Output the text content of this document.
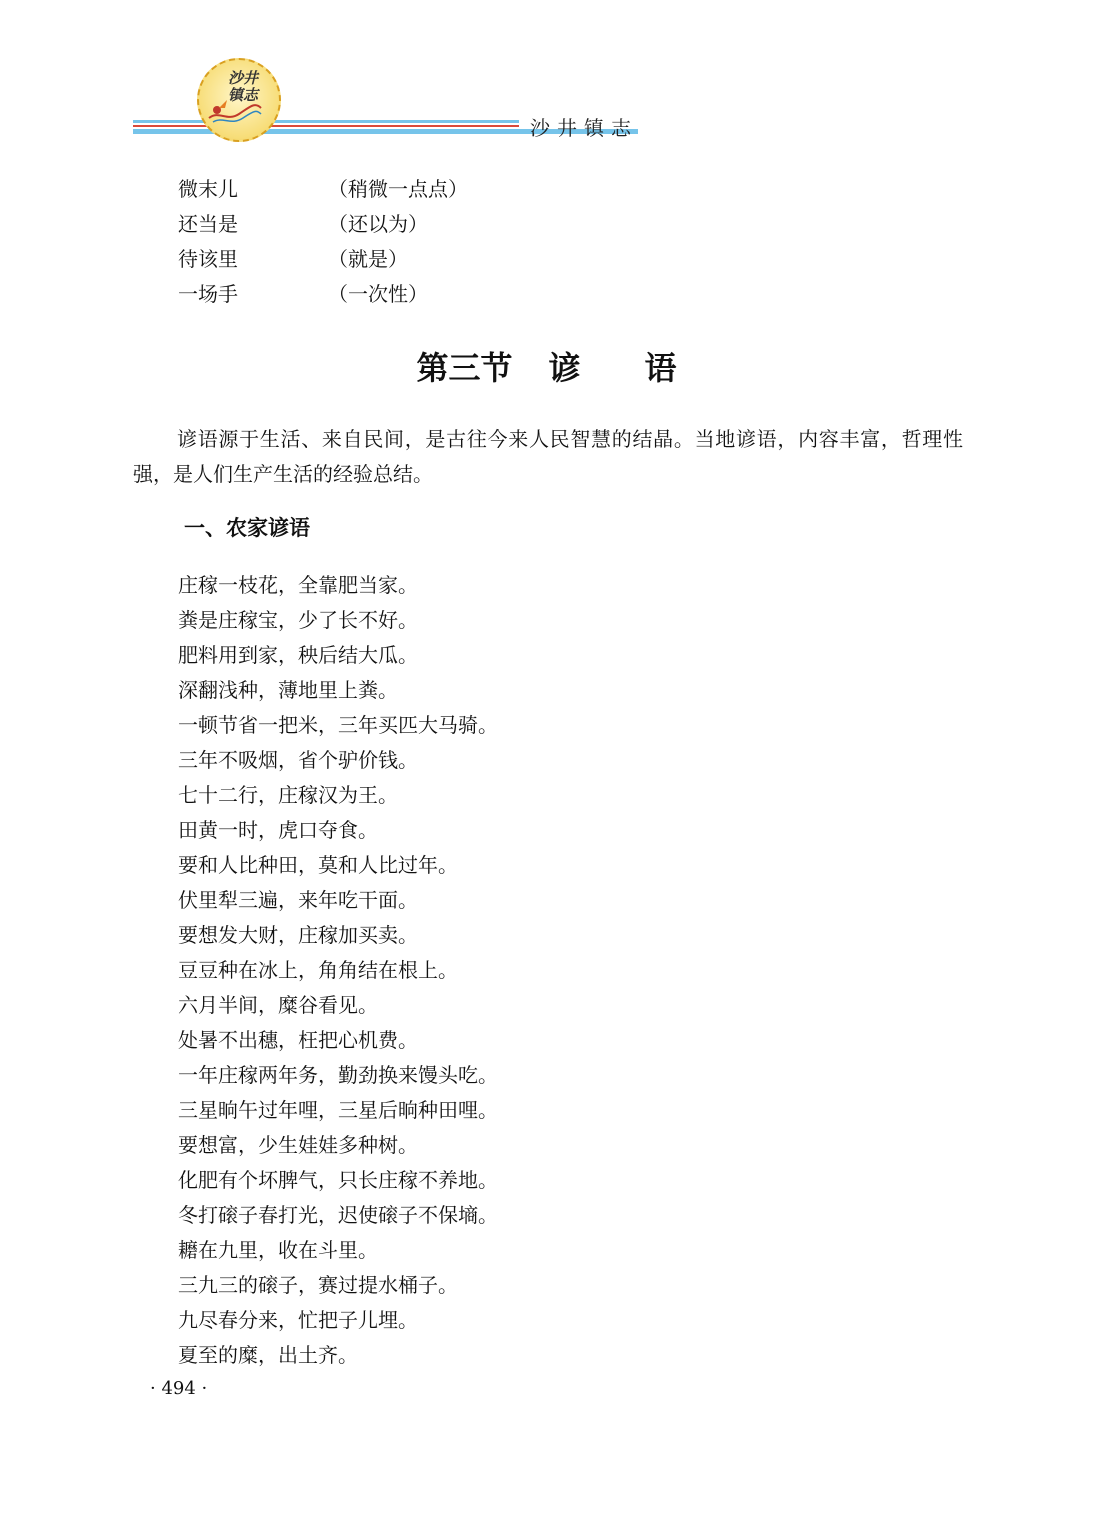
沙井镇志
沙井镇志
微末儿	（稍微一点点）
还当是	（还以为）
待该里	（就是）
一场手	（一次性）
第三节 谚 语

谚语源于生活、来自民间，是古往今来人民智慧的结晶。当地谚语，内容丰富，哲理性强，是人们生产生活的经验总结。

一、农家谚语
庄稼一枝花，全靠肥当家。
粪是庄稼宝，少了长不好。
肥料用到家，秧后结大瓜。
深翻浅种，薄地里上粪。
一顿节省一把米，三年买匹大马骑。
三年不吸烟，省个驴价钱。
七十二行，庄稼汉为王。
田黄一时，虎口夺食。
要和人比种田，莫和人比过年。
伏里犁三遍，来年吃干面。
要想发大财，庄稼加买卖。
豆豆种在冰上，角角结在根上。
六月半间，糜谷看见。
处暑不出穗，枉把心机费。
一年庄稼两年务，勤劲换来馒头吃。
三星晌午过年哩，三星后晌种田哩。
要想富，少生娃娃多种树。
化肥有个坏脾气，只长庄稼不养地。
冬打磙子春打光，迟使磙子不保墒。
耱在九里，收在斗里。
三九三的磙子，赛过提水桶子。
九尽春分来，忙把子儿埋。
夏至的糜，出土齐。
· 494 ·
